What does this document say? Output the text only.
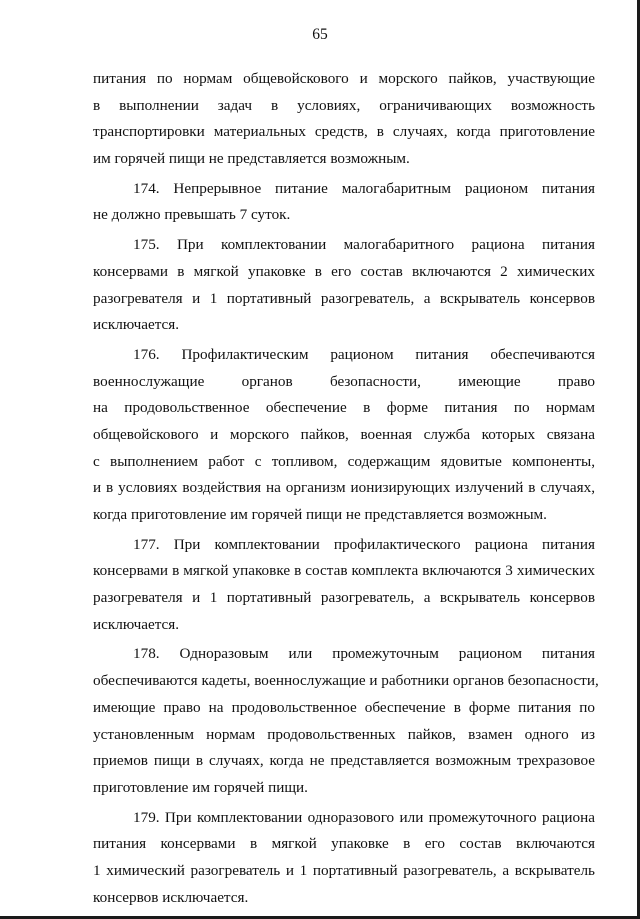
65
питания по нормам общевойскового и морского пайков, участвующие
в выполнении задач в условиях, ограничивающих возможность
транспортировки материальных средств, в случаях, когда приготовление
им горячей пищи не представляется возможным.
174. Непрерывное питание малогабаритным рационом питания
не должно превышать 7 суток.
175. При комплектовании малогабаритного рациона питания
консервами в мягкой упаковке в его состав включаются 2 химических
разогревателя и 1 портативный разогреватель, а вскрыватель консервов
исключается.
176. Профилактическим рационом питания обеспечиваются
военнослужащие органов безопасности, имеющие право
на продовольственное обеспечение в форме питания по нормам
общевойскового и морского пайков, военная служба которых связана
с выполнением работ с топливом, содержащим ядовитые компоненты,
и в условиях воздействия на организм ионизирующих излучений в случаях,
когда приготовление им горячей пищи не представляется возможным.
177. При комплектовании профилактического рациона питания
консервами в мягкой упаковке в состав комплекта включаются 3 химических
разогревателя и 1 портативный разогреватель, а вскрыватель консервов
исключается.
178. Одноразовым или промежуточным рационом питания
обеспечиваются кадеты, военнослужащие и работники органов безопасности,
имеющие право на продовольственное обеспечение в форме питания по
установленным нормам продовольственных пайков, взамен одного из
приемов пищи в случаях, когда не представляется возможным трехразовое
приготовление им горячей пищи.
179. При комплектовании одноразового или промежуточного рациона
питания консервами в мягкой упаковке в его состав включаются
1 химический разогреватель и 1 портативный разогреватель, а вскрыватель
консервов исключается.
